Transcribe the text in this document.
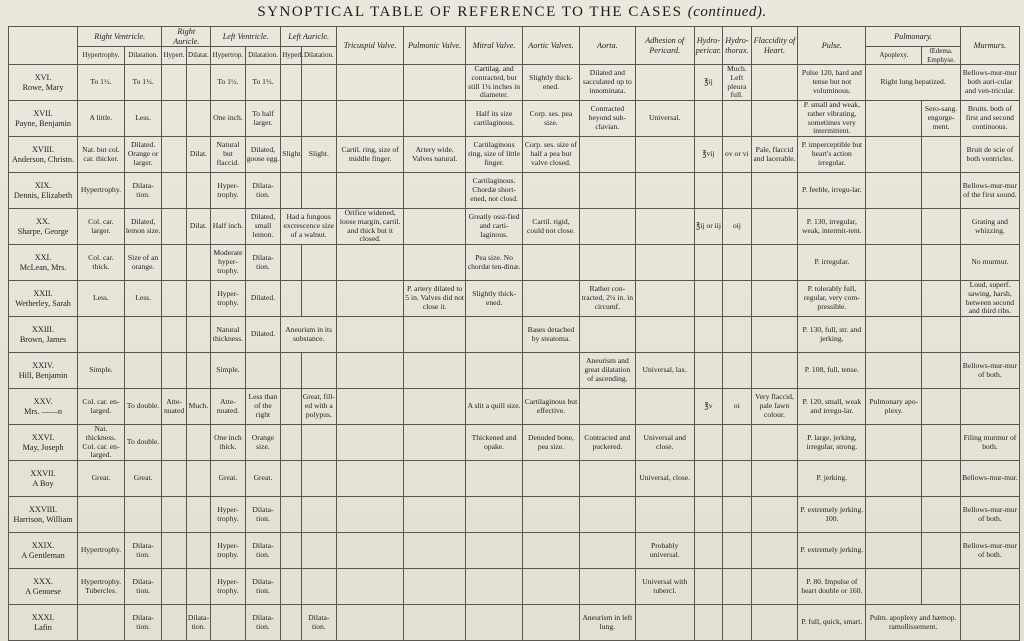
SYNOPTICAL TABLE OF REFERENCE TO THE CASES (continued).
	Right Ventricle.		Right Auricle.		Left Ventricle.		Left Auricle.		Tricuspid Valve.	Pulmonic Valve.	Mitral Valve.	Aortic Valves.	Aorta.	Adhesion of Pericard.	Hydro-pericar.	Hydro-thorax.	Flaccidity of Heart.	Pulse.	Pulmonary.		Murmurs.
	Hypertrophy.	Dilatation.	Hypert.	Dilatat.	Hypertrop.	Dilatation.	Hyperl.	Dilatation.											Apoplexy.	Œdema. Emphyse.	

XVI.
Rowe, Mary	To 1½.	To 1½.			To 1½.	To 1½.					Cartilag. and contracted, but still 1¼ inches in diameter.	Slightly thick-ened.	Dilated and sacculated up to innominata.		℥ij	Much. Left pleura full.		Pulse 120, hard and tense but not voluminous.	Right lung hepatized.		Bellows-mur-mur both auri-cular and ven-tricular.

XVII.
Payne, Benjamin	A little.	Less.			One inch.	To half larger.					Half its size cartilaginous.	Corp. ses. pea size.	Contracted beyond sub-clavian.	Universal.				P. small and weak, rather vibrating, sometimes very intermittent.		Sero-sang. engorge-ment.	Bruits. both of first and second continuous.

XVIII.
Anderson, Christn.	Nat. but col. car. thicker.	Dilated. Orange or larger.		Dilat.	Natural but flaccid.	Dilated, goose egg.	Slight.	Slight.	Cartil. ring, size of middle finger.	Artery wide. Valves natural.	Cartilaginous ring, size of little finger.	Corp. ses. size of half a pea but valve closed.			℥vij	ov or vi	Pale, flaccid and lacerable.	P. imperceptible but heart's action irregular.			Bruit de scie of both ventricles.

XIX.
Dennis, Elizabeth	Hypertrophy.	Dilata-tion.			Hyper-trophy.	Dilata-tion.					Cartilaginous. Chordæ short-ened, not closd.							P. feeble, irregu-lar.			Bellows-mur-mur of the first sound.

XX.
Sharpe, George	Col. car. larger.	Dilated, lemon size.		Dilat.	Half inch.	Dilated, small lemon.	Had a fungous excrescence size of a walnut.		Orifice widened, loose margin, cartil. and thick but it closed.		Greatly ossi-fied and carti-laginous.	Cartil. rigid, could not close.			℥ij or iij	oij		P. 130, irregular, weak, intermit-tent.			Grating and whizzing.

XXI.
McLean, Mrs.	Col. car. thick.	Size of an orange.			Moderate hyper-trophy.	Dilata-tion.					Pea size. No chordæ ten-dinæ.							P. irregular.			No murmur.

XXII.
Wetherley, Sarah	Less.	Less.			Hyper-trophy.	Dilated.				P. artery dilated to 5 in. Valves did not close it.	Slightly thick-ened.		Rather con-tracted, 2¼ in. in circumf.					P. tolerably full, regular, very com-pressible.			Loud, superf. sawing, harsh, between second and third ribs.

XXIII.
Brown, James					Natural thickness.	Dilated.	Aneurism in its substance.					Bases detached by steatoma.						P. 130, full, str. and jerking.			

XXIV.
Hill, Benjamin	Simple.				Simple.								Aneurism and great dilatation of ascending.	Universal, lax.				P. 108, full, tense.			Bellows-mur-mur of both.

XXV.
Mrs. ——n	Col. car. en-larged.	To double.	Atte-nuated	Much.	Atte-nuated.	Less than of the right		Great, fill-ed with a polypus.			A slit a quill size.	Cartilaginous but effective.			℥v	oi	Very flaccid, pale fawn colour.	P. 120, small, weak and irregu-lar.	Pulmonary apo-plexy.		

XXVI.
May, Joseph	Nat. thickness. Col. car. en-larged.	To double.			One inch thick.	Orange size.					Thickened and opake.	Denuded bone, pea size.	Contracted and puckered.	Universal and close.				P. large, jerking, irregular, strong.			Filing murmur of both.

XXVII.
A Boy	Great.	Great.			Great.	Great.								Universal, close.				P. jerking.			Bellows-mur-mur.

XXVIII.
Harrison, William					Hyper-trophy.	Dilata-tion.												P. extremely jerking. 100.			Bellows-mur-mur of both.

XXIX.
A Gentleman	Hypertrophy.	Dilata-tion.			Hyper-trophy.	Dilata-tion.								Probably universal.				P. extremely jerking.			Bellows-mur-mur of both.

XXX.
A Genoese	Hypertrophy. Tubercles.	Dilata-tion.			Hyper-trophy.	Dilata-tion.								Universal with tubercl.				P. 80. Impulse of heart double or 160.			

XXXI.
Lafin		Dilata-tion.		Dilata-tion.		Dilata-tion.		Dilata-tion.					Aneurism in left lung.					P. full, quick, smart.	Pulm. apoplexy and hæmop. ramollissement.		
